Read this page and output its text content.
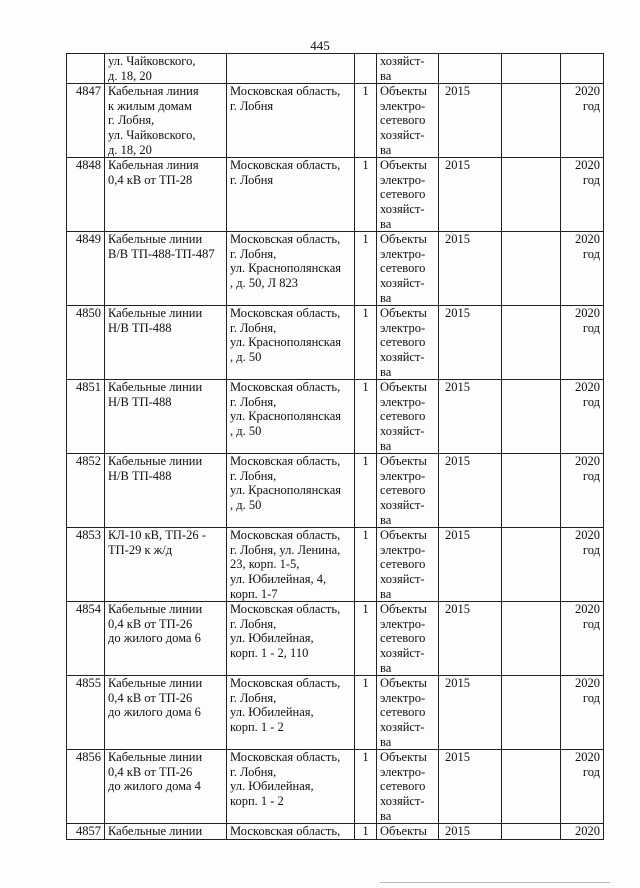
445

	ул. Чайковского,
д. 18, 20			хозяйст-
ва			

4847	Кабельная линия
к жилым домам
г. Лобня,
ул. Чайковского,
д. 18, 20	Московская область,
г. Лобня	1	Объекты
электро-
сетевого
хозяйст-
ва	2015		2020
год

4848	Кабельная линия
0,4 кВ от ТП-28	Московская область,
г. Лобня	1	Объекты
электро-
сетевого
хозяйст-
ва	2015		2020
год

4849	Кабельные линии
В/В ТП-488-ТП-487	Московская область,
г. Лобня,
ул. Краснополянская
, д. 50, Л 823	1	Объекты
электро-
сетевого
хозяйст-
ва	2015		2020
год

4850	Кабельные линии
Н/В ТП-488	Московская область,
г. Лобня,
ул. Краснополянская
, д. 50	1	Объекты
электро-
сетевого
хозяйст-
ва	2015		2020
год

4851	Кабельные линии
Н/В ТП-488	Московская область,
г. Лобня,
ул. Краснополянская
, д. 50	1	Объекты
электро-
сетевого
хозяйст-
ва	2015		2020
год

4852	Кабельные линии
Н/В ТП-488	Московская область,
г. Лобня,
ул. Краснополянская
, д. 50	1	Объекты
электро-
сетевого
хозяйст-
ва	2015		2020
год

4853	КЛ-10 кВ, ТП-26 -
ТП-29 к ж/д	Московская область,
г. Лобня, ул. Ленина,
23, корп. 1-5,
ул. Юбилейная, 4,
корп. 1-7	1	Объекты
электро-
сетевого
хозяйст-
ва	2015		2020
год

4854	Кабельные линии
0,4 кВ от ТП-26
до жилого дома 6	Московская область,
г. Лобня,
ул. Юбилейная,
корп. 1 - 2, 110	1	Объекты
электро-
сетевого
хозяйст-
ва	2015		2020
год

4855	Кабельные линии
0,4 кВ от ТП-26
до жилого дома 6	Московская область,
г. Лобня,
ул. Юбилейная,
корп. 1 - 2	1	Объекты
электро-
сетевого
хозяйст-
ва	2015		2020
год

4856	Кабельные линии
0,4 кВ от ТП-26
до жилого дома 4	Московская область,
г. Лобня,
ул. Юбилейная,
корп. 1 - 2	1	Объекты
электро-
сетевого
хозяйст-
ва	2015		2020
год

4857	Кабельные линии	Московская область,	1	Объекты	2015		2020
